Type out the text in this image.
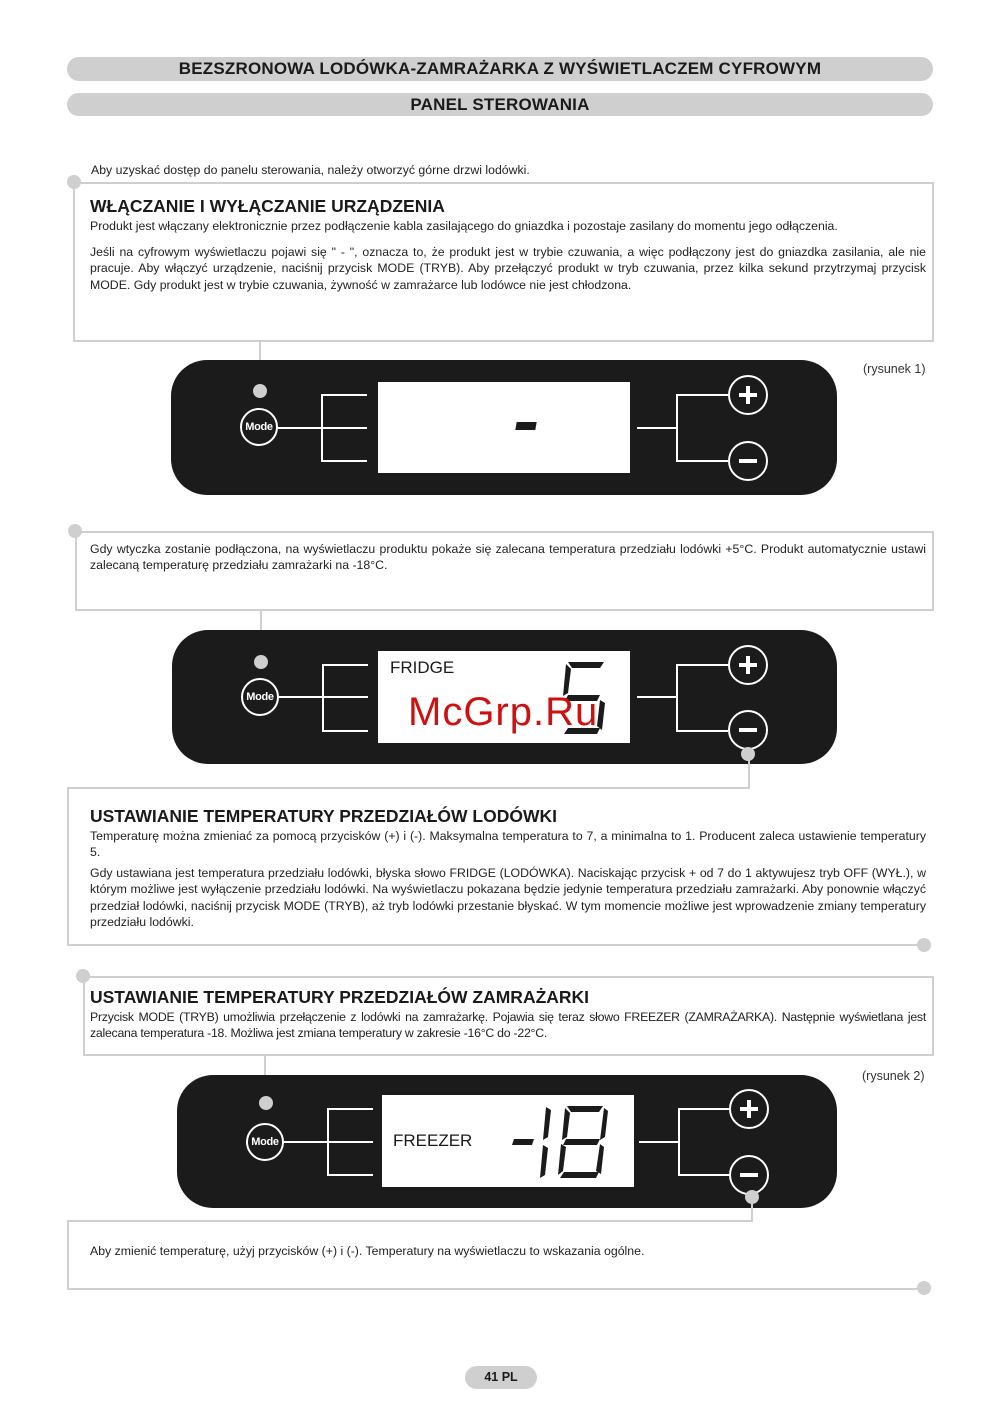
BEZSZRONOWA LODÓWKA-ZAMRAŻARKA Z WYŚWIETLACZEM CYFROWYM
PANEL STEROWANIA
Aby uzyskać dostęp do panelu sterowania, należy otworzyć górne drzwi lodówki.
WŁĄCZANIE I WYŁĄCZANIE URZĄDZENIA
Produkt jest włączany elektronicznie przez podłączenie kabla zasilającego do gniazdka i pozostaje zasilany do momentu jego odłączenia.
Jeśli na cyfrowym wyświetlaczu pojawi się " - ", oznacza to, że produkt jest w trybie czuwania, a więc podłączony jest do gniazdka zasilania, ale nie pracuje. Aby włączyć urządzenie, naciśnij przycisk MODE (TRYB). Aby przełączyć produkt w tryb czuwania, przez kilka sekund przytrzymaj przycisk MODE. Gdy produkt jest w trybie czuwania, żywność w zamrażarce lub lodówce nie jest chłodzona.
(rysunek 1)
Mode
Gdy wtyczka zostanie podłączona, na wyświetlaczu produktu pokaże się zalecana temperatura przedziału lodówki +5°C. Produkt automatycznie ustawi zalecaną temperaturę przedziału zamrażarki na -18°C.
FRIDGE
Mode	McGrp.Ru
USTAWIANIE TEMPERATURY PRZEDZIAŁÓW LODÓWKI
Temperaturę można zmieniać za pomocą przycisków (+) i (-). Maksymalna temperatura to 7, a minimalna to 1. Producent zaleca ustawienie temperatury 5.
Gdy ustawiana jest temperatura przedziału lodówki, błyska słowo FRIDGE (LODÓWKA). Naciskając przycisk + od 7 do 1 aktywujesz tryb OFF (WYŁ.), w którym możliwe jest wyłączenie przedziału lodówki. Na wyświetlaczu pokazana będzie jedynie temperatura przedziału zamrażarki. Aby ponownie włączyć przedział lodówki, naciśnij przycisk MODE (TRYB), aż tryb lodówki przestanie błyskać. W tym momencie możliwe jest wprowadzenie zmiany temperatury przedziału lodówki.
USTAWIANIE TEMPERATURY PRZEDZIAŁÓW ZAMRAŻARKI
Przycisk MODE (TRYB) umożliwia przełączenie z lodówki na zamrażarkę. Pojawia się teraz słowo FREEZER (ZAMRAŻARKA). Następnie wyświetlana jest zalecana temperatura -18. Możliwa jest zmiana temperatury w zakresie -16°C do -22°C.
(rysunek 2)
FREEZER
Mode
Aby zmienić temperaturę, użyj przycisków (+) i (-). Temperatury na wyświetlaczu to wskazania ogólne.
41 PL
